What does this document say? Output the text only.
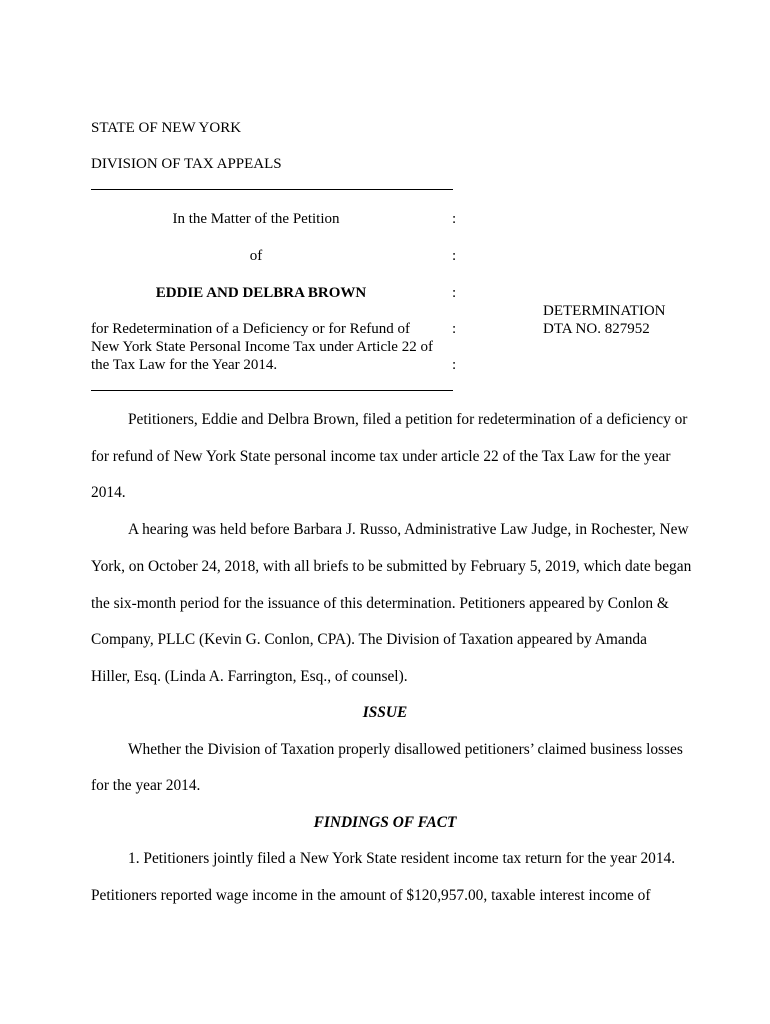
STATE OF NEW YORK
DIVISION OF TAX APPEALS
In the Matter of the Petition	:
of	:
EDDIE AND DELBRA BROWN	:
for Redetermination of a Deficiency or for Refund of	:
New York State Personal Income Tax under Article 22 of
the Tax Law for the Year 2014.	:
DETERMINATION
DTA NO. 827952
Petitioners, Eddie and Delbra Brown, filed a petition for redetermination of a deficiency or
for refund of New York State personal income tax under article 22 of the Tax Law for the year
2014.
A hearing was held before Barbara J. Russo, Administrative Law Judge, in Rochester, New
York, on October 24, 2018, with all briefs to be submitted by February 5, 2019, which date began
the six-month period for the issuance of this determination. Petitioners appeared by Conlon &
Company, PLLC (Kevin G. Conlon, CPA). The Division of Taxation appeared by Amanda
Hiller, Esq. (Linda A. Farrington, Esq., of counsel).
ISSUE
Whether the Division of Taxation properly disallowed petitioners’ claimed business losses
for the year 2014.
FINDINGS OF FACT
1. Petitioners jointly filed a New York State resident income tax return for the year 2014.
Petitioners reported wage income in the amount of $120,957.00, taxable interest income of
